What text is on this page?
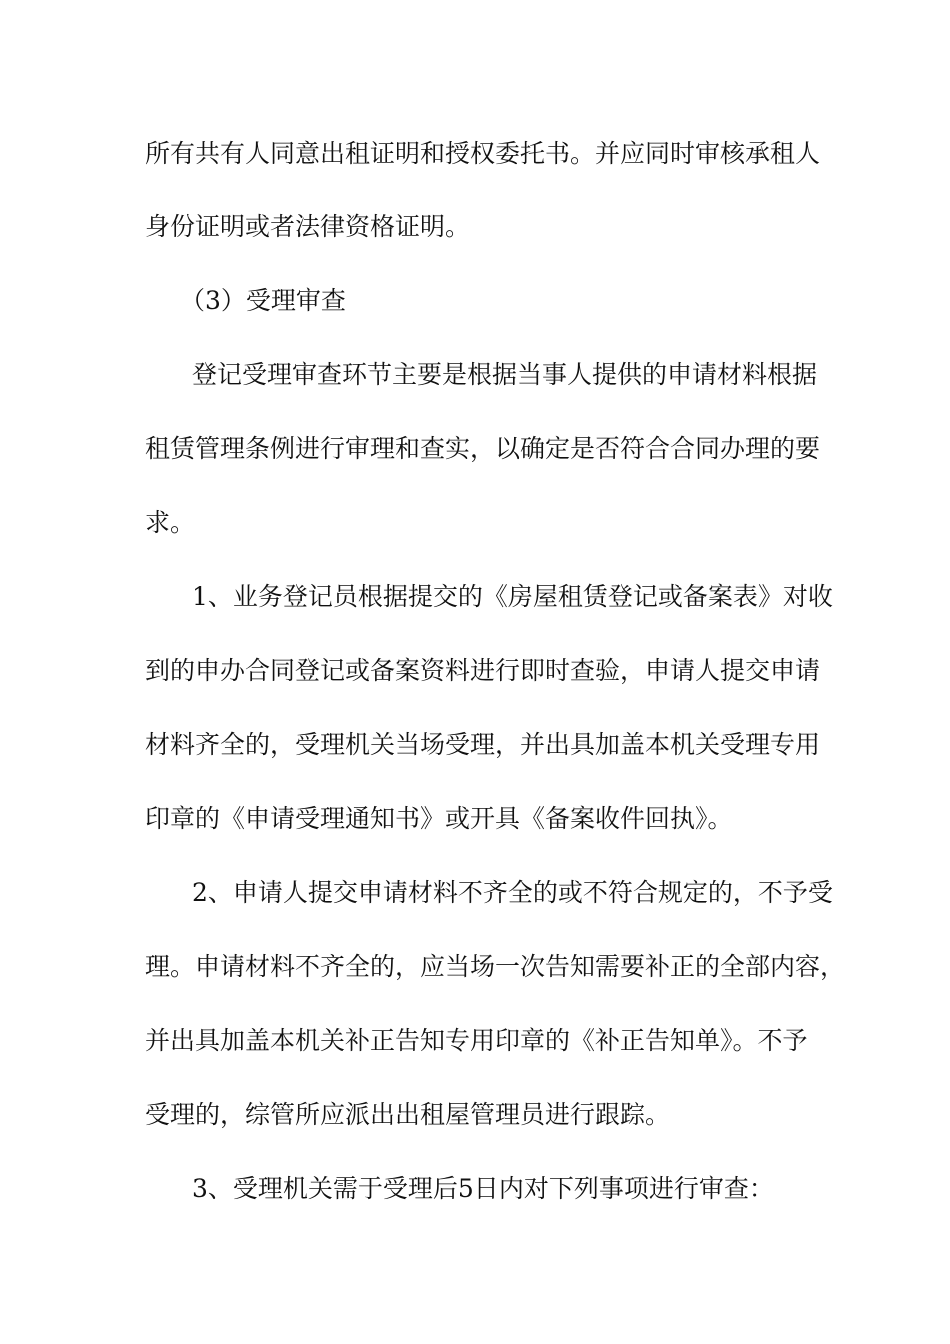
所有共有人同意出租证明和授权委托书。并应同时审核承租人
身份证明或者法律资格证明。
（3）受理审查
登记受理审查环节主要是根据当事人提供的申请材料根据
租赁管理条例进行审理和查实，以确定是否符合合同办理的要
求。
1、业务登记员根据提交的《房屋租赁登记或备案表》对收
到的申办合同登记或备案资料进行即时查验，申请人提交申请
材料齐全的，受理机关当场受理，并出具加盖本机关受理专用
印章的《申请受理通知书》或开具《备案收件回执》。
2、申请人提交申请材料不齐全的或不符合规定的，不予受
理。申请材料不齐全的，应当场一次告知需要补正的全部内容，
并出具加盖本机关补正告知专用印章的《补正告知单》。不予
受理的，综管所应派出出租屋管理员进行跟踪。
3、受理机关需于受理后5日内对下列事项进行审查：
